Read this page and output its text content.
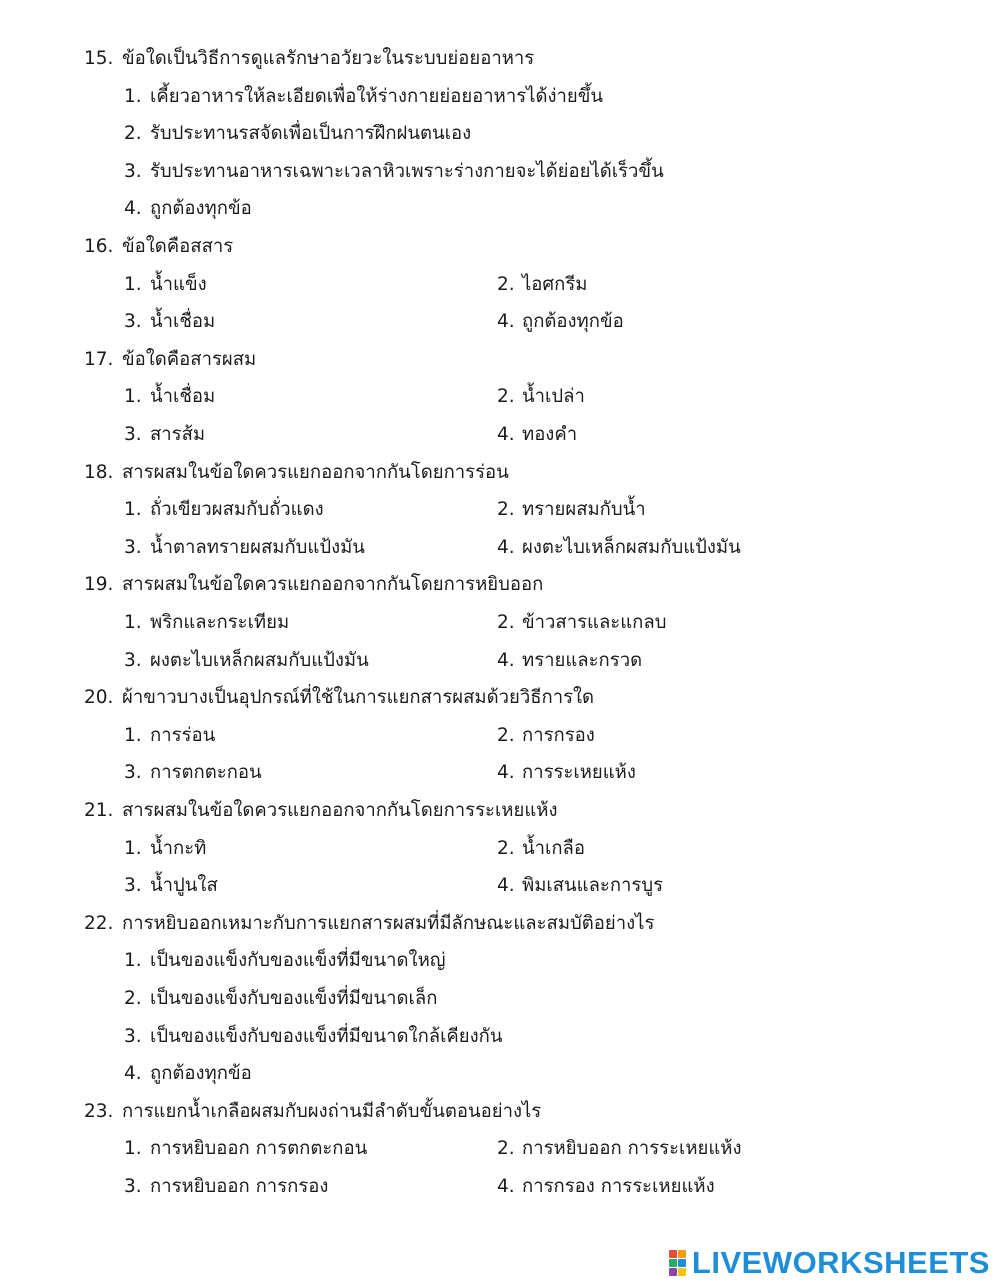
15. ข้อใดเป็นวิธีการดูแลรักษาอวัยวะในระบบย่อยอาหาร
1. เคี้ยวอาหารให้ละเอียดเพื่อให้ร่างกายย่อยอาหารได้ง่ายขึ้น
2. รับประทานรสจัดเพื่อเป็นการฝึกฝนตนเอง
3. รับประทานอาหารเฉพาะเวลาหิวเพราะร่างกายจะได้ย่อยได้เร็วขึ้น
4. ถูกต้องทุกข้อ
16. ข้อใดคือสสาร
1. น้ำแข็ง	2. ไอศกรีม
3. น้ำเชื่อม	4. ถูกต้องทุกข้อ
17. ข้อใดคือสารผสม
1. น้ำเชื่อม	2. น้ำเปล่า
3. สารส้ม	4. ทองคำ
18. สารผสมในข้อใดควรแยกออกจากกันโดยการร่อน
1. ถั่วเขียวผสมกับถั่วแดง	2. ทรายผสมกับน้ำ
3. น้ำตาลทรายผสมกับแป้งมัน	4. ผงตะไบเหล็กผสมกับแป้งมัน
19. สารผสมในข้อใดควรแยกออกจากกันโดยการหยิบออก
1. พริกและกระเทียม	2. ข้าวสารและแกลบ
3. ผงตะไบเหล็กผสมกับแป้งมัน	4. ทรายและกรวด
20. ผ้าขาวบางเป็นอุปกรณ์ที่ใช้ในการแยกสารผสมด้วยวิธีการใด
1. การร่อน	2. การกรอง
3. การตกตะกอน	4. การระเหยแห้ง
21. สารผสมในข้อใดควรแยกออกจากกันโดยการระเหยแห้ง
1. น้ำกะทิ	2. น้ำเกลือ
3. น้ำปูนใส	4. พิมเสนและการบูร
22. การหยิบออกเหมาะกับการแยกสารผสมที่มีลักษณะและสมบัติอย่างไร
1. เป็นของแข็งกับของแข็งที่มีขนาดใหญ่
2. เป็นของแข็งกับของแข็งที่มีขนาดเล็ก
3. เป็นของแข็งกับของแข็งที่มีขนาดใกล้เคียงกัน
4. ถูกต้องทุกข้อ
23. การแยกน้ำเกลือผสมกับผงถ่านมีลำดับขั้นตอนอย่างไร
1. การหยิบออก การตกตะกอน	2. การหยิบออก การระเหยแห้ง
3. การหยิบออก การกรอง	4. การกรอง การระเหยแห้ง
LIVEWORKSHEETS
